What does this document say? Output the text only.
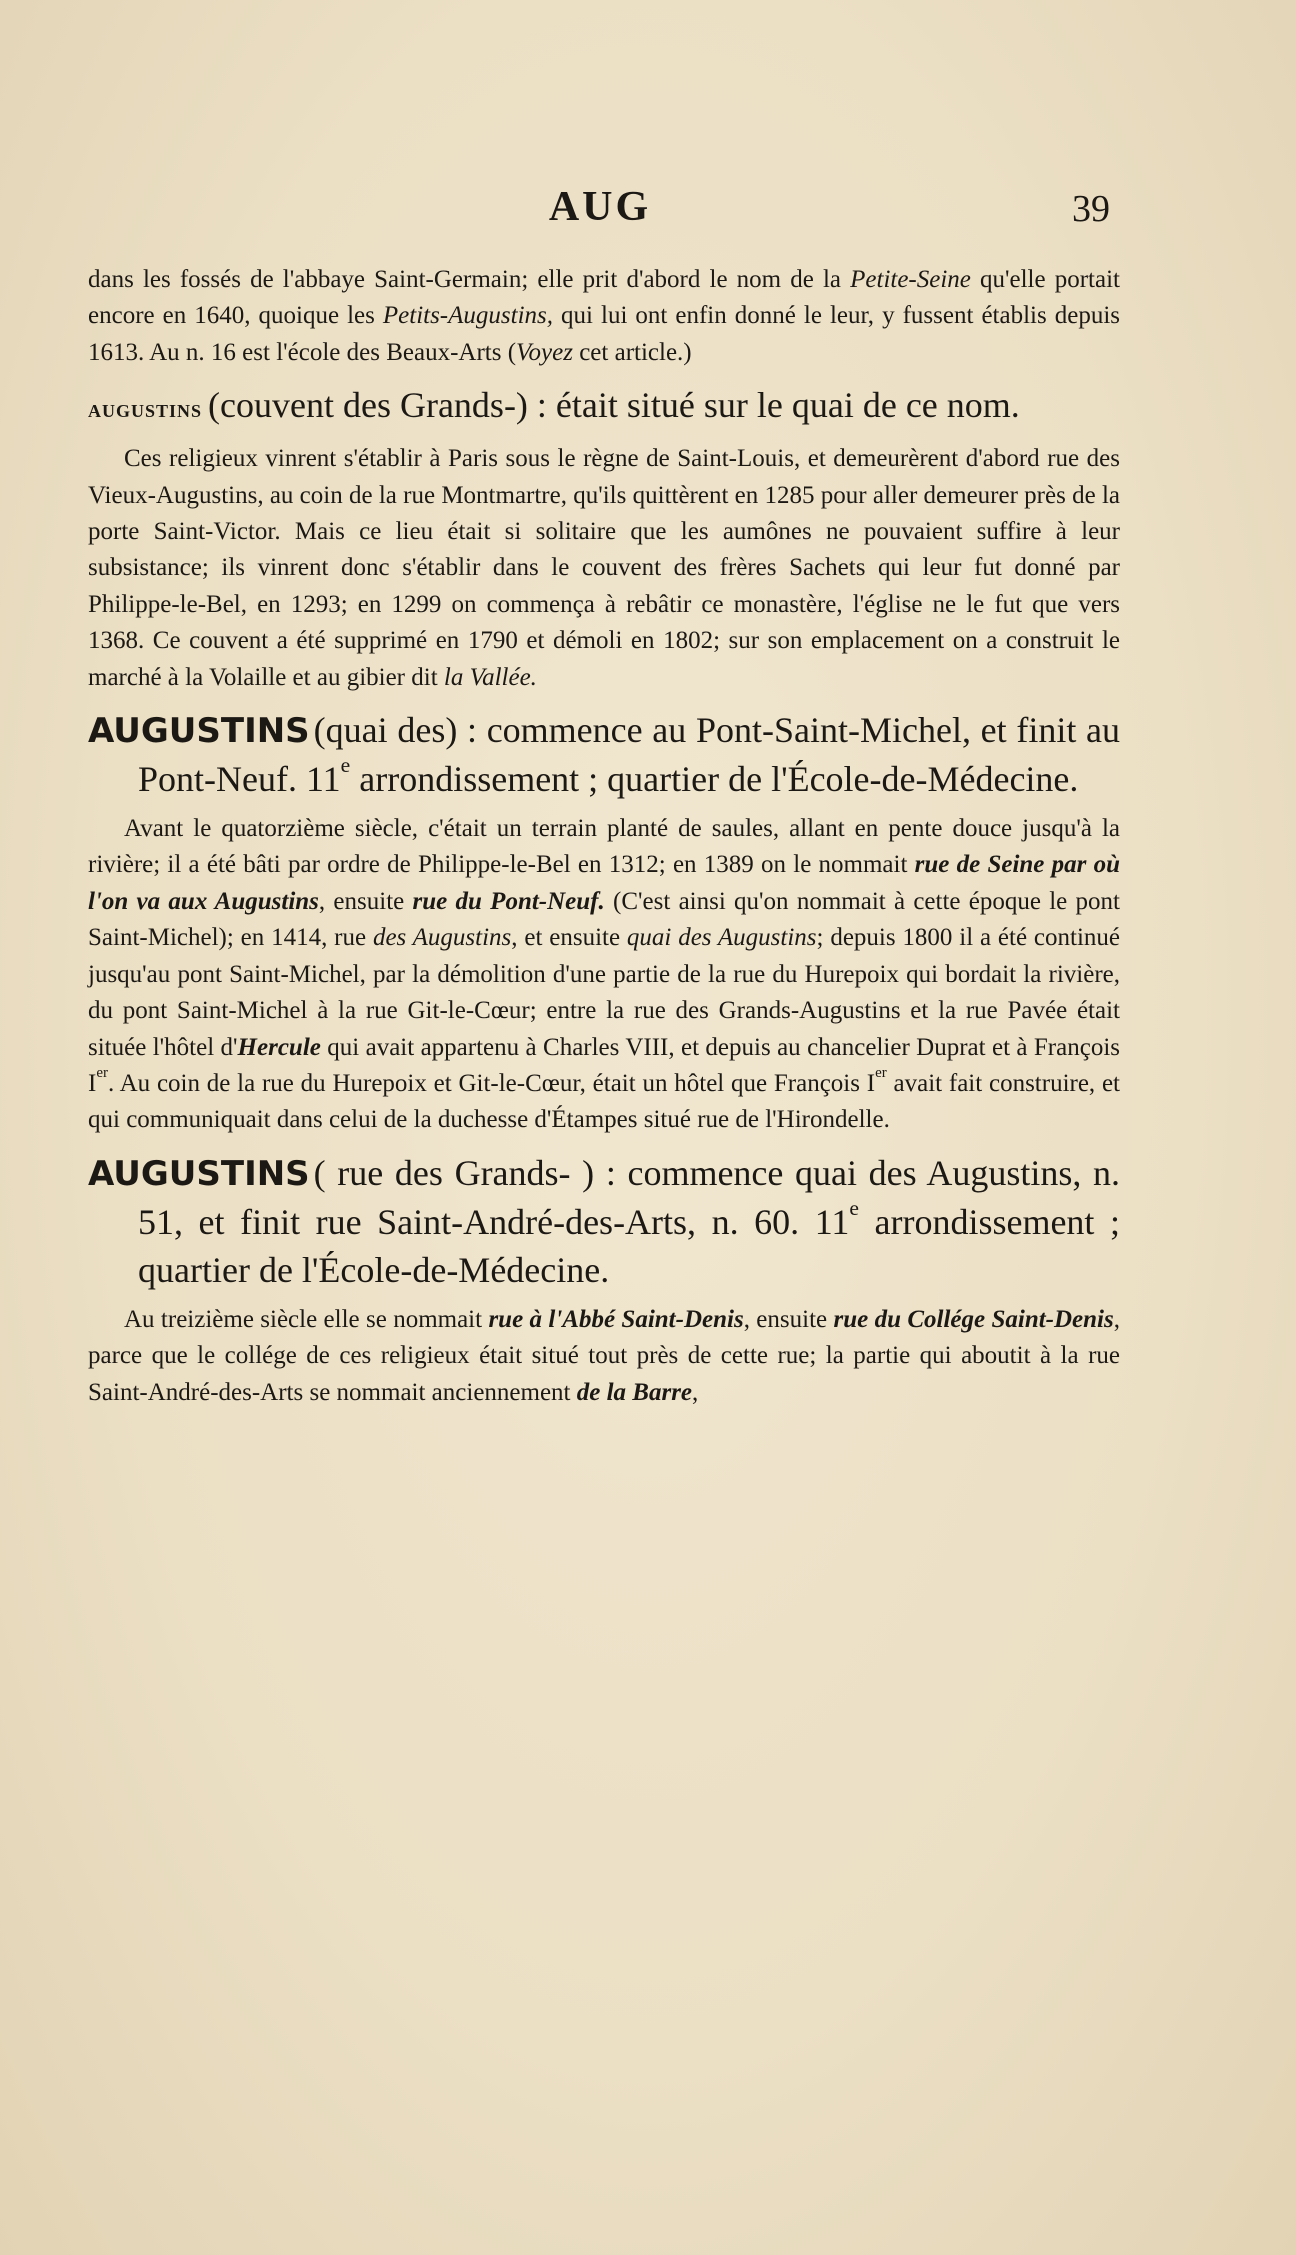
AUG	39

dans les fossés de l'abbaye Saint-Germain; elle prit d'abord le nom de la Petite-Seine qu'elle portait encore en 1640, quoique les Petits-Augustins, qui lui ont enfin donné le leur, y fussent établis depuis 1613. Au n. 16 est l'école des Beaux-Arts (Voyez cet article.)

augustins (couvent des Grands-) : était situé sur le quai de ce nom.

Ces religieux vinrent s'établir à Paris sous le règne de Saint-Louis, et demeurèrent d'abord rue des Vieux-Augustins, au coin de la rue Montmartre, qu'ils quittèrent en 1285 pour aller demeurer près de la porte Saint-Victor. Mais ce lieu était si solitaire que les aumônes ne pouvaient suffire à leur subsistance; ils vinrent donc s'établir dans le couvent des frères Sachets qui leur fut donné par Philippe-le-Bel, en 1293; en 1299 on commença à rebâtir ce monastère, l'église ne le fut que vers 1368. Ce couvent a été supprimé en 1790 et démoli en 1802; sur son emplacement on a construit le marché à la Volaille et au gibier dit la Vallée.

AUGUSTINS (quai des) : commence au Pont-Saint-Michel, et finit au Pont-Neuf. 11e arrondissement ; quartier de l'École-de-Médecine.

Avant le quatorzième siècle, c'était un terrain planté de saules, allant en pente douce jusqu'à la rivière; il a été bâti par ordre de Philippe-le-Bel en 1312; en 1389 on le nommait rue de Seine par où l'on va aux Augustins, ensuite rue du Pont-Neuf. (C'est ainsi qu'on nommait à cette époque le pont Saint-Michel); en 1414, rue des Augustins, et ensuite quai des Augustins; depuis 1800 il a été continué jusqu'au pont Saint-Michel, par la démolition d'une partie de la rue du Hurepoix qui bordait la rivière, du pont Saint-Michel à la rue Git-le-Cœur; entre la rue des Grands-Augustins et la rue Pavée était située l'hôtel d'Hercule qui avait appartenu à Charles VIII, et depuis au chancelier Duprat et à François Ier. Au coin de la rue du Hurepoix et Git-le-Cœur, était un hôtel que François Ier avait fait construire, et qui communiquait dans celui de la duchesse d'Étampes situé rue de l'Hirondelle.

AUGUSTINS ( rue des Grands- ) : commence quai des Augustins, n. 51, et finit rue Saint-André-des-Arts, n. 60. 11e arrondissement ; quartier de l'École-de-Médecine.

Au treizième siècle elle se nommait rue à l'Abbé Saint-Denis, ensuite rue du Collége Saint-Denis, parce que le collége de ces religieux était situé tout près de cette rue; la partie qui aboutit à la rue Saint-André-des-Arts se nommait anciennement de la Barre,
